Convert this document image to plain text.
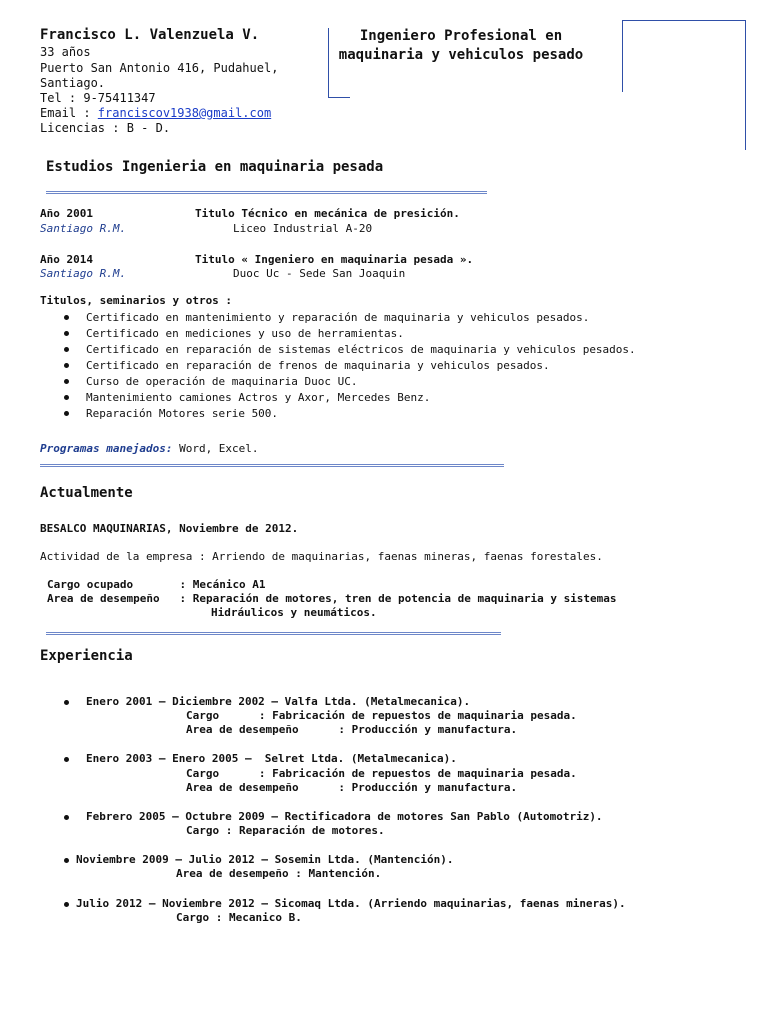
Francisco L. Valenzuela V.	Ingeniero Profesional en maquinaria y vehiculos pesado
33 años
Puerto San Antonio 416, Pudahuel,
Santiago.
Tel : 9-75411347
Email : franciscov1938@gmail.com
Licencias : B - D.
Estudios Ingenieria en maquinaria pesada
Año 2001	Titulo Técnico en mecánica de presición.
Santiago R.M.	Liceo Industrial A-20
Año 2014	Titulo « Ingeniero en maquinaria pesada ».
Santiago R.M.	Duoc Uc - Sede San Joaquin
Titulos, seminarios y otros :
Certificado en mantenimiento y reparación de maquinaria y vehiculos pesados.
Certificado en mediciones y uso de herramientas.
Certificado en reparación de sistemas eléctricos de maquinaria y vehiculos pesados.
Certificado en reparación de frenos de maquinaria y vehiculos pesados.
Curso de operación de maquinaria Duoc UC.
Mantenimiento camiones Actros y Axor, Mercedes Benz.
Reparación Motores serie 500.
Programas manejados: Word, Excel.
Actualmente
BESALCO MAQUINARIAS, Noviembre de 2012.
Actividad de la empresa : Arriendo de maquinarias, faenas mineras, faenas forestales.
Cargo ocupado       : Mecánico A1
Area de desempeño   : Reparación de motores, tren de potencia de maquinaria y sistemas
Hidráulicos y neumáticos.
Experiencia
Enero 2001 – Diciembre 2002 – Valfa Ltda. (Metalmecanica).
Cargo      : Fabricación de repuestos de maquinaria pesada.
Area de desempeño      : Producción y manufactura.
Enero 2003 – Enero 2005 –  Selret Ltda. (Metalmecanica).
Cargo      : Fabricación de repuestos de maquinaria pesada.
Area de desempeño      : Producción y manufactura.
Febrero 2005 – Octubre 2009 – Rectificadora de motores San Pablo (Automotriz).
Cargo : Reparación de motores.
Noviembre 2009 – Julio 2012 – Sosemin Ltda. (Mantención).
Area de desempeño : Mantención.
Julio 2012 – Noviembre 2012 – Sicomaq Ltda. (Arriendo maquinarias, faenas mineras).
Cargo : Mecanico B.
